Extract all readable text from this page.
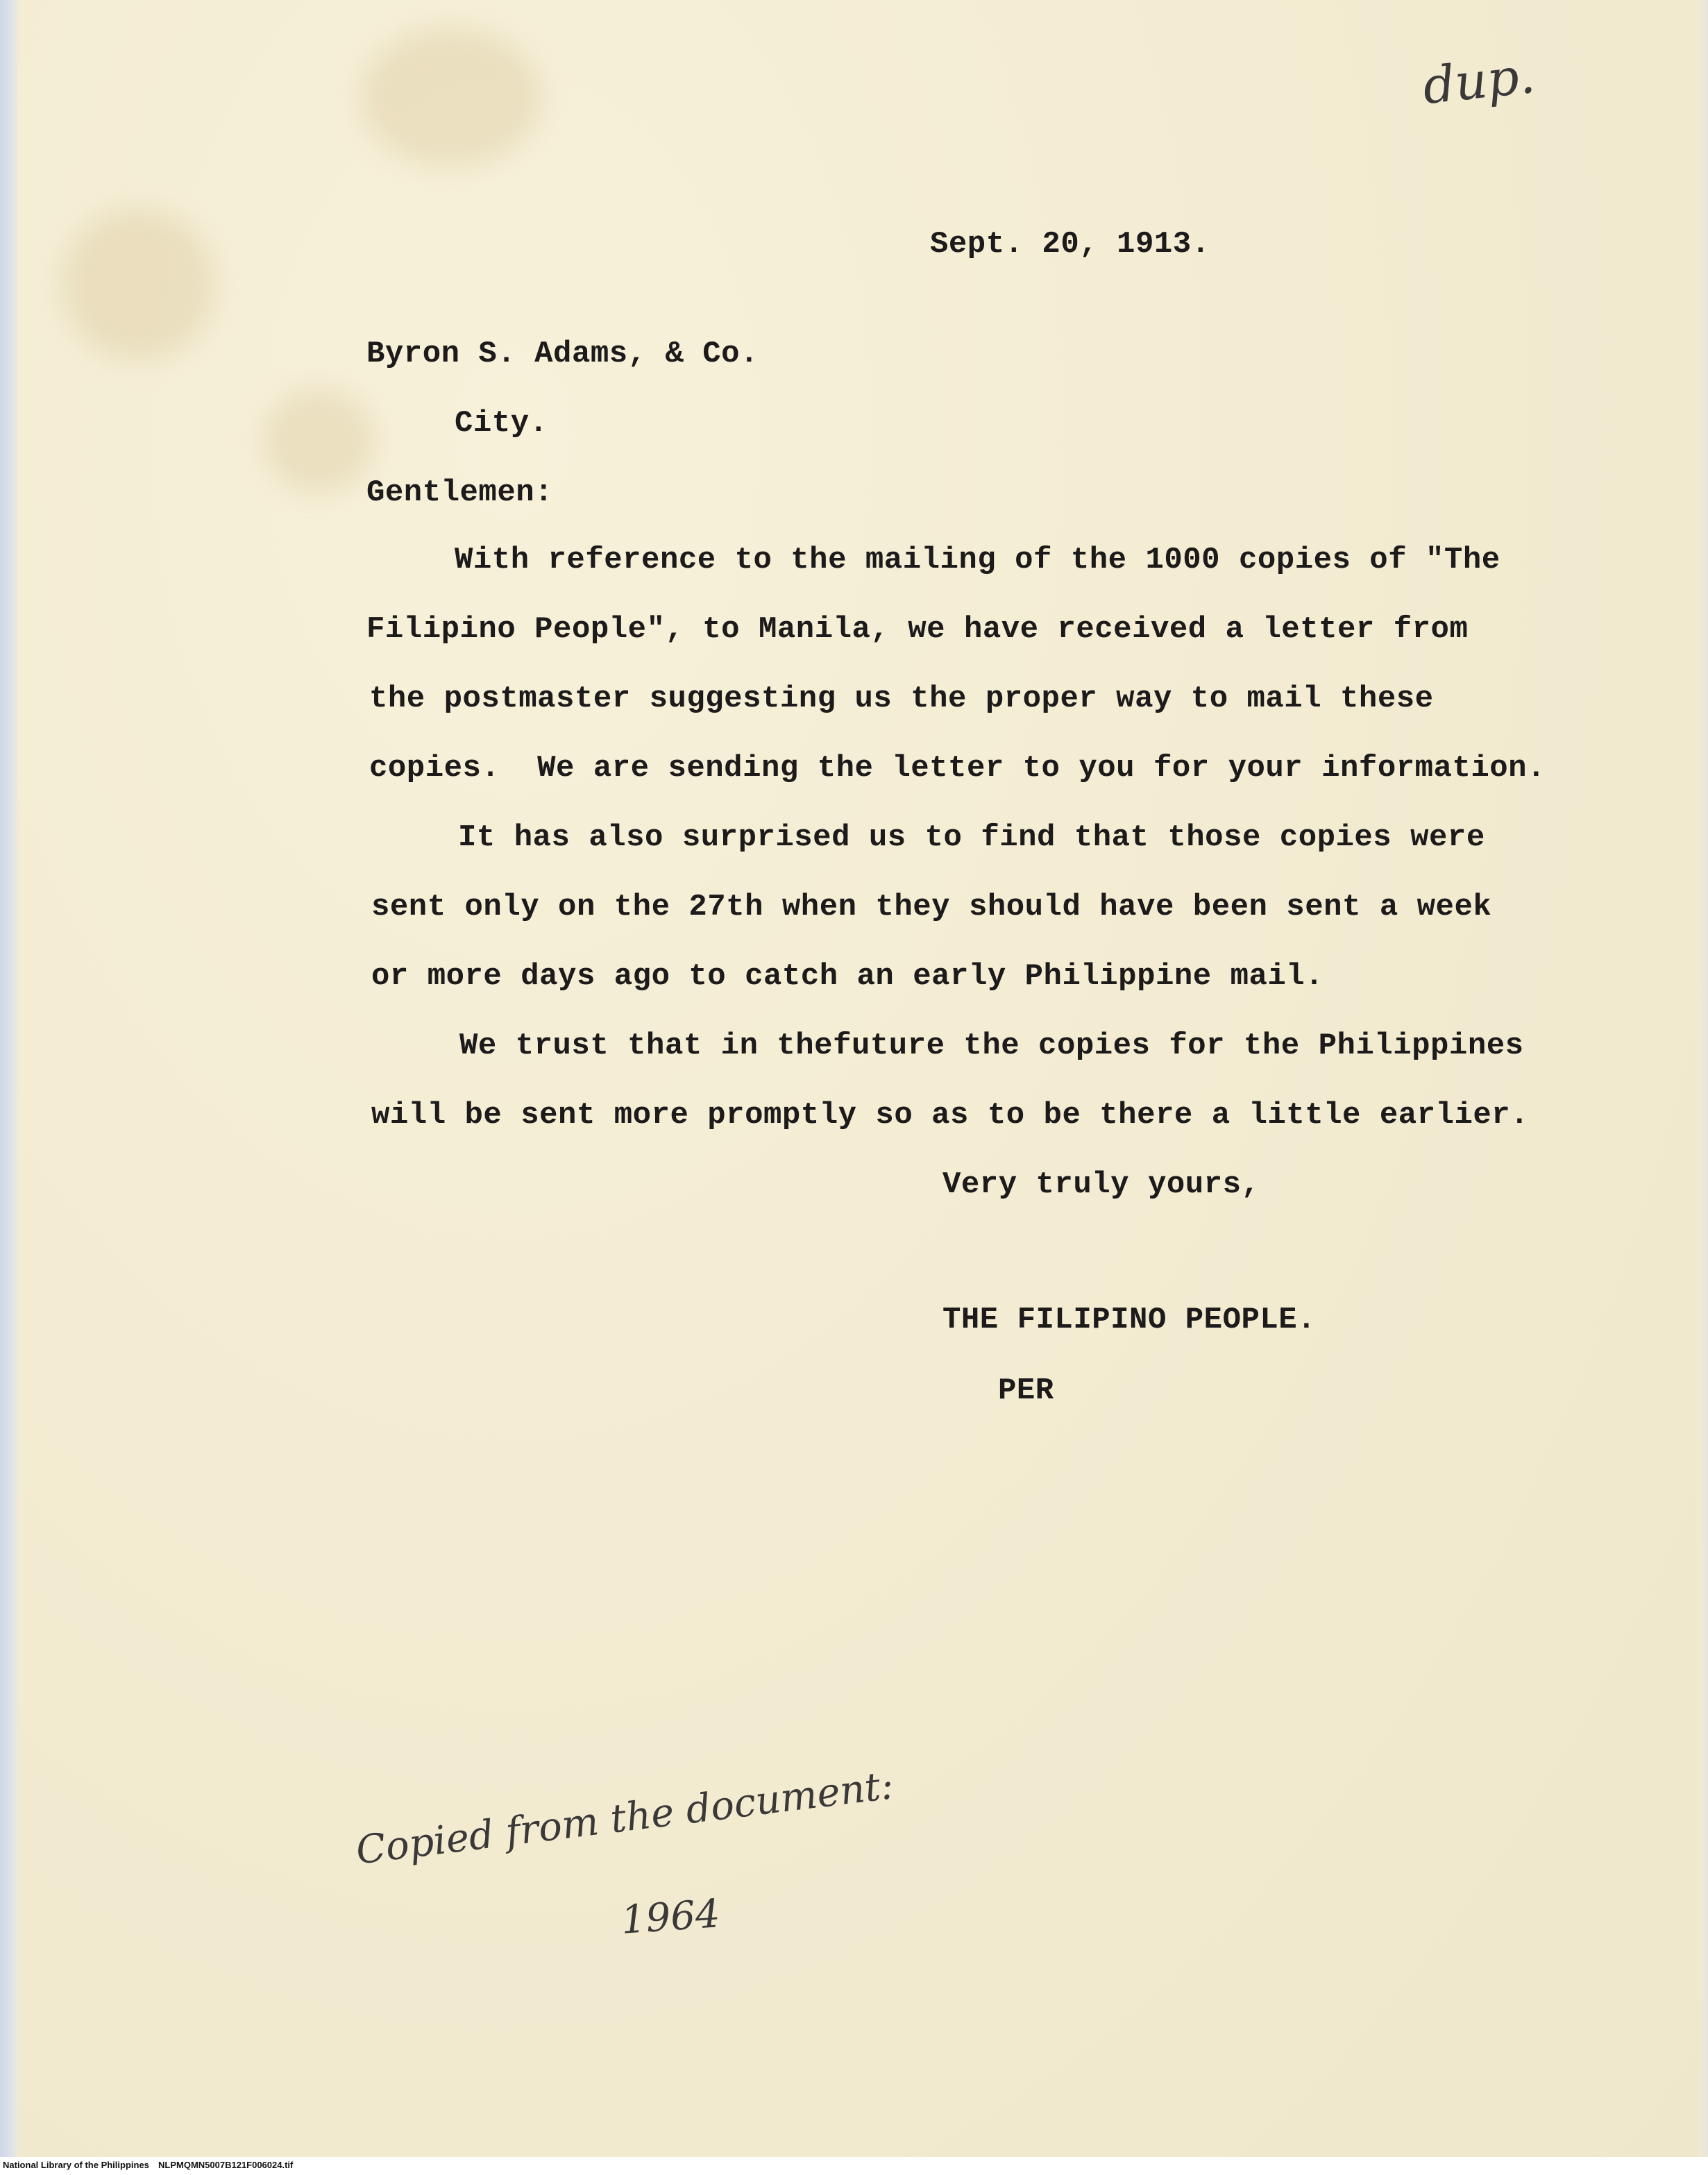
dup.
Sept. 20, 1913.
Byron S. Adams, & Co.
City.
Gentlemen:
With reference to the mailing of the 1000 copies of "The
Filipino People", to Manila, we have received a letter from
the postmaster suggesting us the proper way to mail these
copies.  We are sending the letter to you for your information.
It has also surprised us to find that those copies were
sent only on the 27th when they should have been sent a week
or more days ago to catch an early Philippine mail.
We trust that in thefuture the copies for the Philippines
will be sent more promptly so as to be there a little earlier.
Very truly yours,
THE FILIPINO PEOPLE.
PER
Copied from the document:
1964
National Library of the Philippines NLPMQMN5007B121F006024.tif
